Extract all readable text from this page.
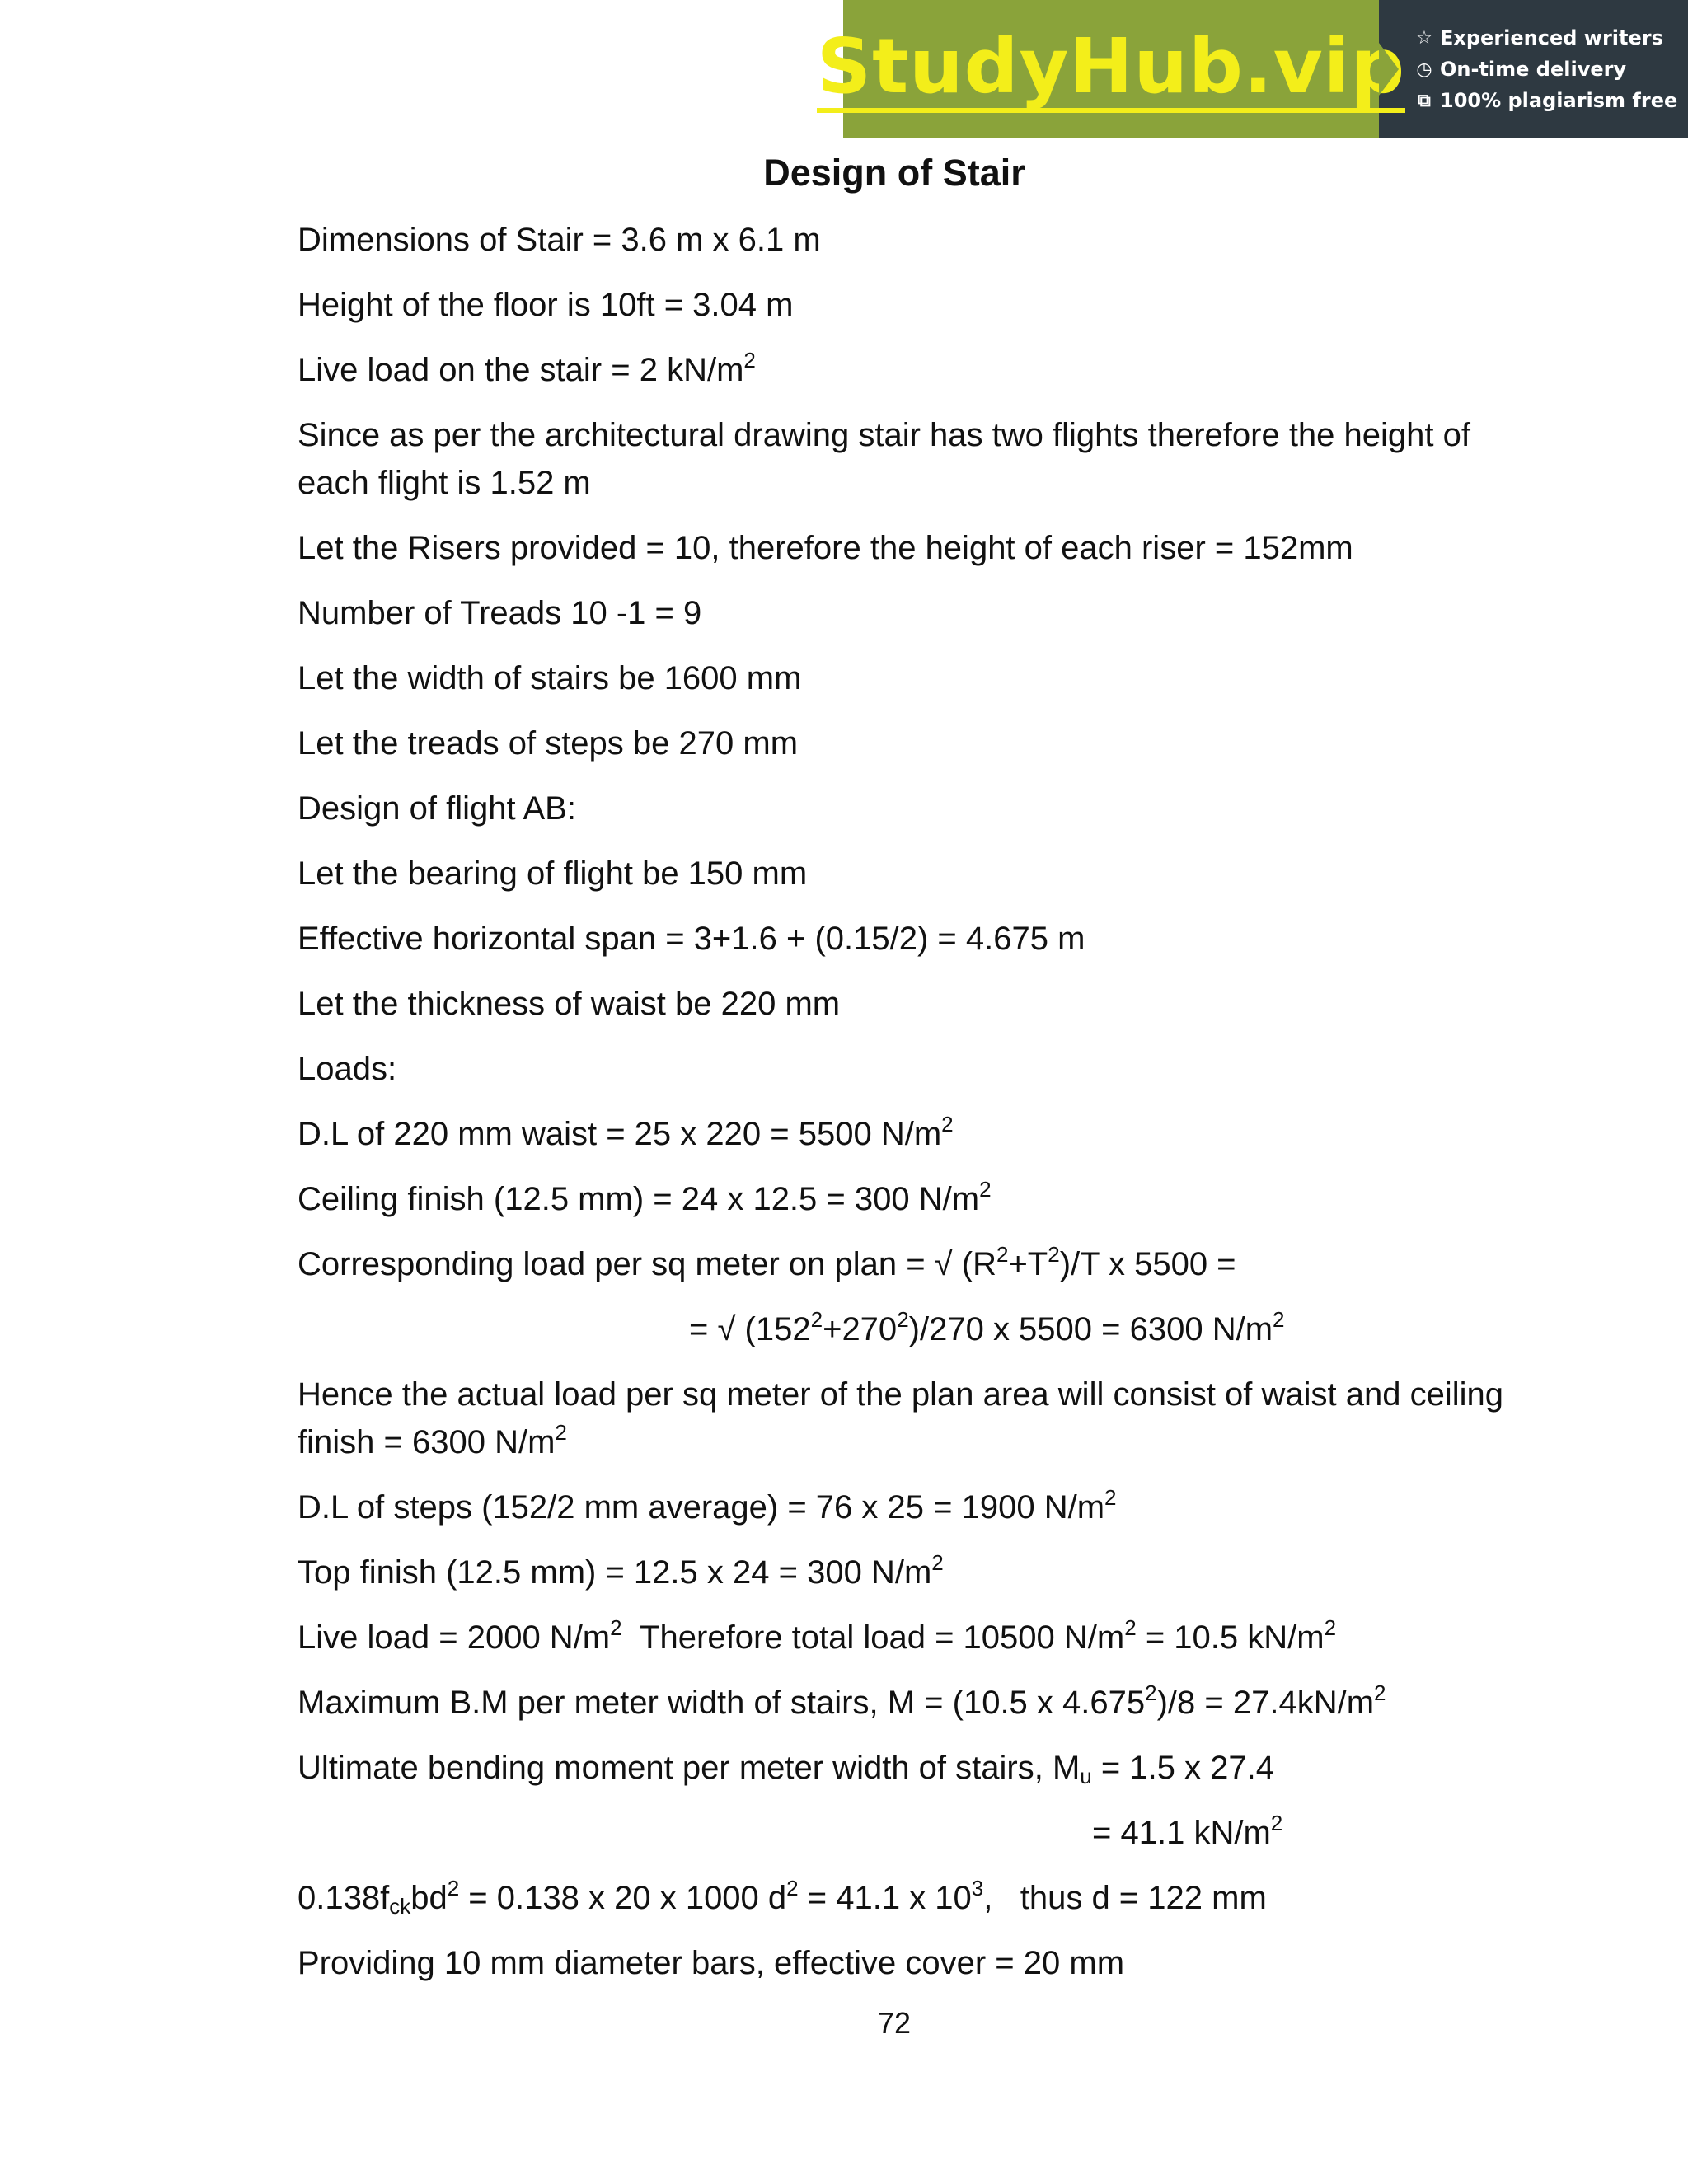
StudyHub.vip ☆ Experienced writers
◷ On-time delivery
⧉ 100% plagiarism free
Design of Stair
Dimensions of Stair = 3.6 m x 6.1 m
Height of the floor is 10ft = 3.04 m
Live load on the stair = 2 $kN/m^2$
Since as per the architectural drawing stair has two flights therefore the height of each flight is 1.52 m
Let the Risers provided = 10, therefore the height of each riser = 152mm
Number of Treads 10 -1 = 9
Let the width of stairs be 1600 mm
Let the treads of steps be 270 mm
Design of flight AB:
Let the bearing of flight be 150 mm
Effective horizontal span = 3+1.6 + (0.15/2) = 4.675 m
Let the thickness of waist be 220 mm
Loads:
D.L of 220 mm waist = 25 x 220 = 5500 $N/m^2$
Ceiling finish (12.5 mm) = 24 x 12.5 = 300 $N/m^2$
Corresponding load per sq meter on plan = √ $(R^2+T^2)/T$ x 5500 =
= √ $(152^2+270^2)/270$ x 5500 = 6300 $N/m^2$
Hence the actual load per sq meter of the plan area will consist of waist and ceiling finish = 6300 $N/m^2$
D.L of steps (152/2 mm average) = 76 x 25 = 1900 $N/m^2$
Top finish (12.5 mm) = 12.5 x 24 = 300 $N/m^2$
Live load = 2000 $N/m^2$  Therefore total load = 10500 $N/m^2 = 10.5$ $kN/m^2$
Maximum B.M per meter width of stairs, M = (10.5 x $4.675^2)/8 = 27.4kN/m^2$
Ultimate bending moment per meter width of stairs, $M_u = 1.5$ x 27.4
= 41.1 $kN/m^2$
$0.138f_{ck}bd^2 = 0.138$ x 20 x 1000 $d^2 = 41.1$ x $10^3$,   thus d = 122 mm
Providing 10 mm diameter bars, effective cover = 20 mm
72
